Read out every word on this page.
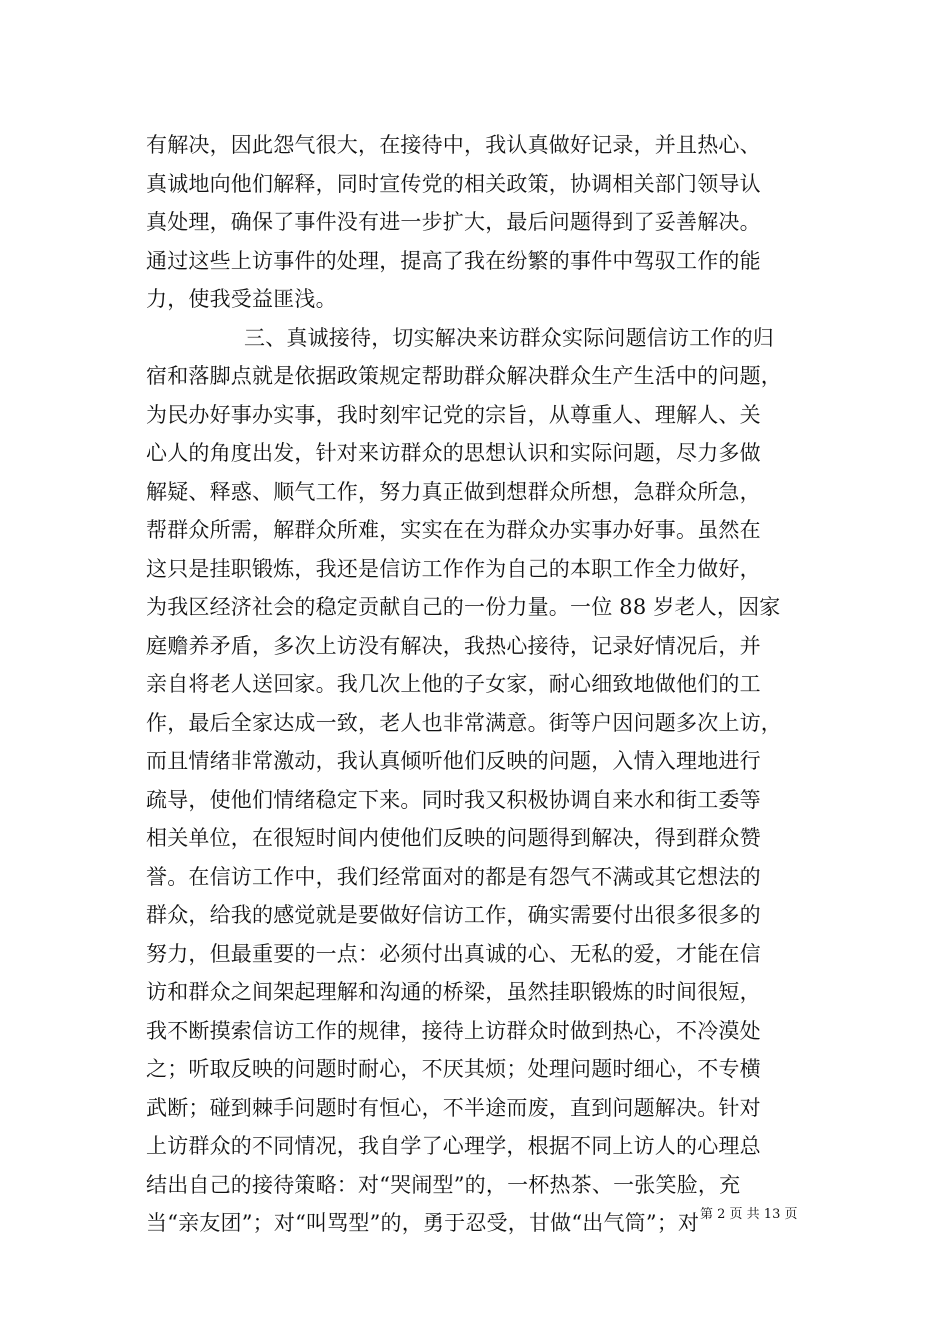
有解决，因此怨气很大，在接待中，我认真做好记录，并且热心、
真诚地向他们解释，同时宣传党的相关政策，协调相关部门领导认
真处理，确保了事件没有进一步扩大，最后问题得到了妥善解决。
通过这些上访事件的处理，提高了我在纷繁的事件中驾驭工作的能
力，使我受益匪浅。
三、真诚接待，切实解决来访群众实际问题信访工作的归
宿和落脚点就是依据政策规定帮助群众解决群众生产生活中的问题，
为民办好事办实事，我时刻牢记党的宗旨，从尊重人、理解人、关
心人的角度出发，针对来访群众的思想认识和实际问题，尽力多做
解疑、释惑、顺气工作，努力真正做到想群众所想，急群众所急，
帮群众所需，解群众所难，实实在在为群众办实事办好事。虽然在
这只是挂职锻炼，我还是信访工作作为自己的本职工作全力做好，
为我区经济社会的稳定贡献自己的一份力量。一位 88 岁老人，因家
庭赡养矛盾，多次上访没有解决，我热心接待，记录好情况后，并
亲自将老人送回家。我几次上他的子女家，耐心细致地做他们的工
作，最后全家达成一致，老人也非常满意。街等户因问题多次上访，
而且情绪非常激动，我认真倾听他们反映的问题，入情入理地进行
疏导，使他们情绪稳定下来。同时我又积极协调自来水和街工委等
相关单位，在很短时间内使他们反映的问题得到解决，得到群众赞
誉。在信访工作中，我们经常面对的都是有怨气不满或其它想法的
群众，给我的感觉就是要做好信访工作，确实需要付出很多很多的
努力，但最重要的一点：必须付出真诚的心、无私的爱，才能在信
访和群众之间架起理解和沟通的桥梁，虽然挂职锻炼的时间很短，
我不断摸索信访工作的规律，接待上访群众时做到热心，不冷漠处
之；听取反映的问题时耐心，不厌其烦；处理问题时细心，不专横
武断；碰到棘手问题时有恒心，不半途而废，直到问题解决。针对
上访群众的不同情况，我自学了心理学，根据不同上访人的心理总
结出自己的接待策略：对“哭闹型”的，一杯热茶、一张笑脸，充
当“亲友团”；对“叫骂型”的，勇于忍受，甘做“出气筒”；对 第 2 页 共 13 页
